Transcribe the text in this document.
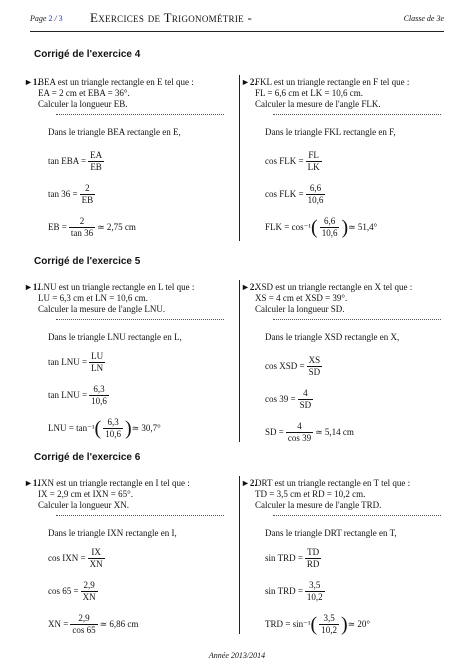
Page 2 / 3 Exercices de Trigonométrie -	Classe de 3e
Corrigé de l'exercice 4
►1.
BEA est un triangle rectangle en E tel que :
EA = 2 cm et EBA = 36°.
Calculer la longueur EB.
Dans le triangle BEA rectangle en E,
tan EBA = $\frac{EA}{EB}$
$\tan 36 = \frac{2}{EB}$
EB = $\frac{2}{\tan 36}$ ≃ 2,75 cm
►2.
FKL est un triangle rectangle en F tel que :
FL = 6,6 cm et LK = 10,6 cm.
Calculer la mesure de l'angle FLK.
Dans le triangle FKL rectangle en F,
cos FLK = $\frac{FL}{LK}$
cos FLK = $\frac{6,6}{10,6}$
FLK = $\cos^{-1}( \frac{6,6}{10,6}$ )≃ 51,4°
Corrigé de l'exercice 5
►1.
LNU est un triangle rectangle en L tel que :
LU = 6,3 cm et LN = 10,6 cm.
Calculer la mesure de l'angle LNU.
Dans le triangle LNU rectangle en L,
tan LNU = $\frac{LU}{LN}$
tan LNU = $\frac{6,3}{10,6}$
LNU = $\tan^{-1}( \frac{6,3}{10,6}$ )≃ 30,7°
►2.
XSD est un triangle rectangle en X tel que :
XS = 4 cm et XSD = 39°.
Calculer la longueur SD.
Dans le triangle XSD rectangle en X,
cos XSD = $\frac{XS}{SD}$
$\cos 39 = \frac{4}{SD}$
SD = $\frac{4}{\cos 39}$ ≃ 5,14 cm
Corrigé de l'exercice 6
►1.
IXN est un triangle rectangle en I tel que :
IX = 2,9 cm et IXN = 65°.
Calculer la longueur XN.
Dans le triangle IXN rectangle en I,
cos IXN = $\frac{IX}{XN}$
$\cos 65 = \frac{2,9}{XN}$
XN = $\frac{2,9}{\cos 65}$ ≃ 6,86 cm
►2.
DRT est un triangle rectangle en T tel que :
TD = 3,5 cm et RD = 10,2 cm.
Calculer la mesure de l'angle TRD.
Dans le triangle DRT rectangle en T,
sin TRD = $\frac{TD}{RD}$
sin TRD = $\frac{3,5}{10,2}$
TRD = $\sin^{-1}( \frac{3,5}{10,2}$ )≃ 20°
Année 2013/2014
